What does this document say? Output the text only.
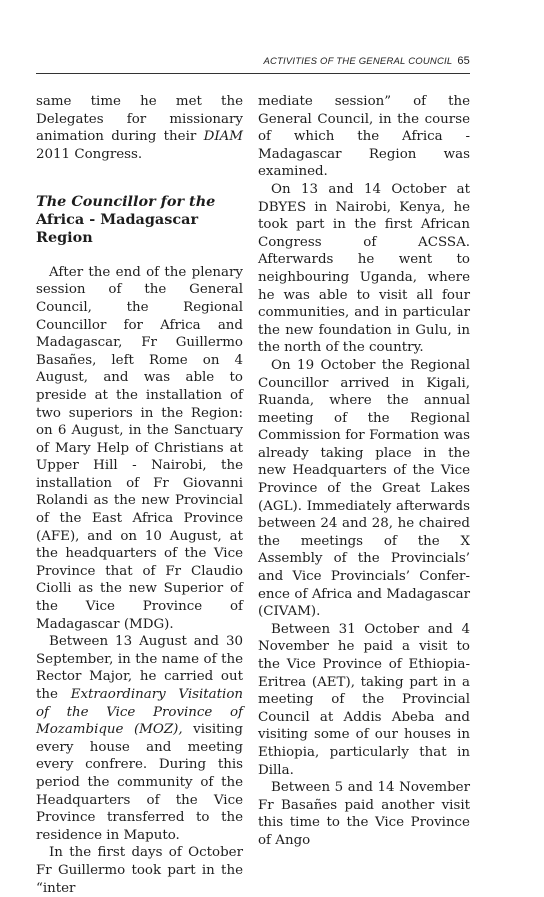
ACTIVITIES OF THE GENERAL COUNCIL 65

same time he met the Delegates for missionary animation during their DIAM 2011 Congress.

The Councillor for the
Africa - Madagascar Region

After the end of the plenary session of the General Council, the Regional Councillor for Africa and Madagascar, Fr Guillermo Basañes, left Rome on 4 August, and was able to preside at the installation of two superiors in the Region: on 6 August, in the Sanctuary of Mary Help of Christians at Upper Hill - Nairobi, the installation of Fr Giovanni Rolandi as the new Provincial of the East Africa Province (AFE), and on 10 August, at the headquarters of the Vice Province that of Fr Claudio Ciolli as the new Superior of the Vice Province of Madagascar (MDG).

Between 13 August and 30 September, in the name of the Rector Major, he carried out the Extraordinary Visitation of the Vice Province of Mozambique (MOZ), visiting every house and meeting every confrere. During this period the community of the Headquarters of the Vice Province transferred to the residence in Maputo.

In the first days of October Fr Guillermo took part in the “inter

mediate session” of the General Council, in the course of which the Africa - Madagascar Region was examined.

On 13 and 14 October at DBYES in Nairobi, Kenya, he took part in the first African Congress of ACSSA. Afterwards he went to neighbouring Uganda, where he was able to visit all four communities, and in particular the new foundation in Gulu, in the north of the country.

On 19 October the Regional Councillor arrived in Kigali, Ruanda, where the annual meeting of the Regional Commission for Formation was already taking place in the new Headquarters of the Vice Province of the Great Lakes (AGL). Immediately afterwards between 24 and 28, he chaired the meetings of the X Assembly of the Provincials’ and Vice Provincials’ Conference of Africa and Madagascar (CIVAM).

Between 31 October and 4 November he paid a visit to the Vice Province of Ethiopia-Eritrea (AET), taking part in a meeting of the Provincial Council at Addis Abeba and visiting some of our houses in Ethiopia, particularly that in Dilla.

Between 5 and 14 November Fr Basañes paid another visit this time to the Vice Province of Ango
